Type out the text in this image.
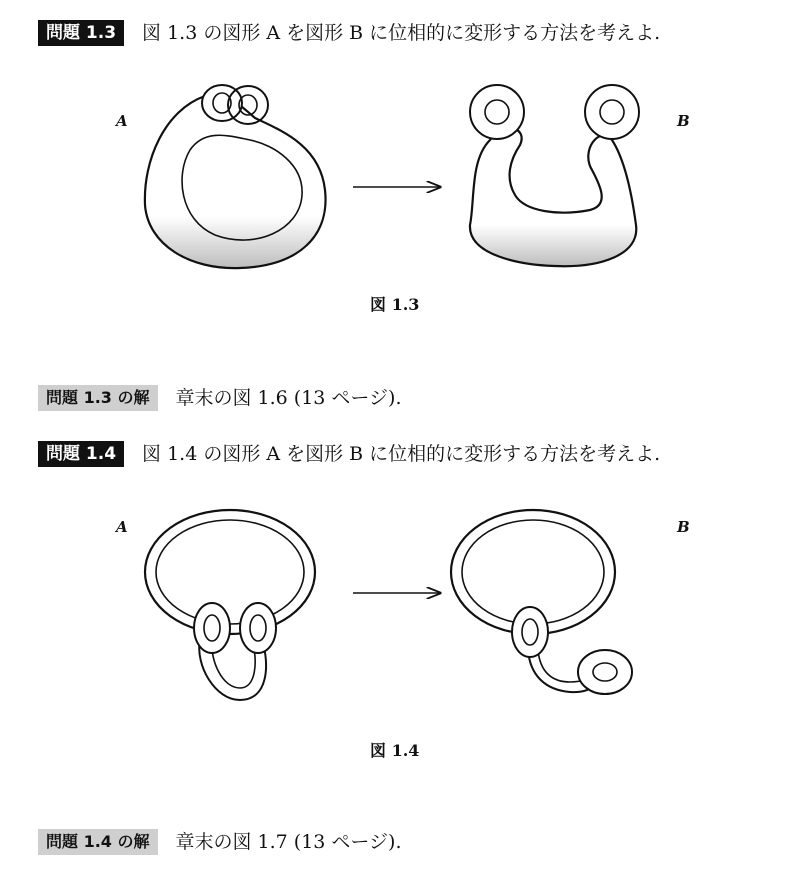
問題 1.3	図 1.3 の図形 A を図形 B に位相的に変形する方法を考えよ.
A	B
図 1.3
問題 1.3 の解	章末の図 1.6 (13 ページ).
問題 1.4	図 1.4 の図形 A を図形 B に位相的に変形する方法を考えよ.
A	B
図 1.4
問題 1.4 の解	章末の図 1.7 (13 ページ).
